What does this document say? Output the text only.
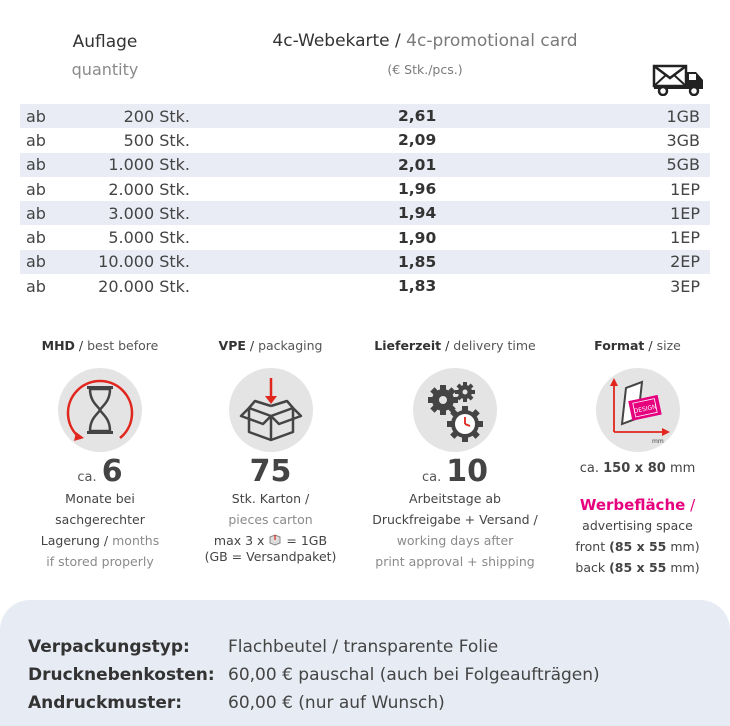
Auflage
quantity
4c-Webekarte / 4c-promotional card
(€ Stk./pcs.)
ab	200 Stk.	2,61	1GB
ab	500 Stk.	2,09	3GB
ab	1.000 Stk.	2,01	5GB
ab	2.000 Stk.	1,96	1EP
ab	3.000 Stk.	1,94	1EP
ab	5.000 Stk.	1,90	1EP
ab	10.000 Stk.	1,85	2EP
ab	20.000 Stk.	1,83	3EP
MHD / best before
ca. 6
Monate bei
sachgerechter
Lagerung / months
if stored properly
VPE / packaging
75
Stk. Karton /
pieces carton
max 3 x = 1GB
(GB = Versandpaket)
Lieferzeit / delivery time
ca. 10
Arbeitstage ab
Druckfreigabe + Versand /
working days after
print approval + shipping
Format / size
DESIGN
mm
ca. 150 x 80 mm
Werbefläche /
advertising space
front (85 x 55 mm)
back (85 x 55 mm)
Verpackungstyp:	Flachbeutel / transparente Folie
Drucknebenkosten: 60,00 € pauschal (auch bei Folgeaufträgen)
Andruckmuster:	60,00 € (nur auf Wunsch)
